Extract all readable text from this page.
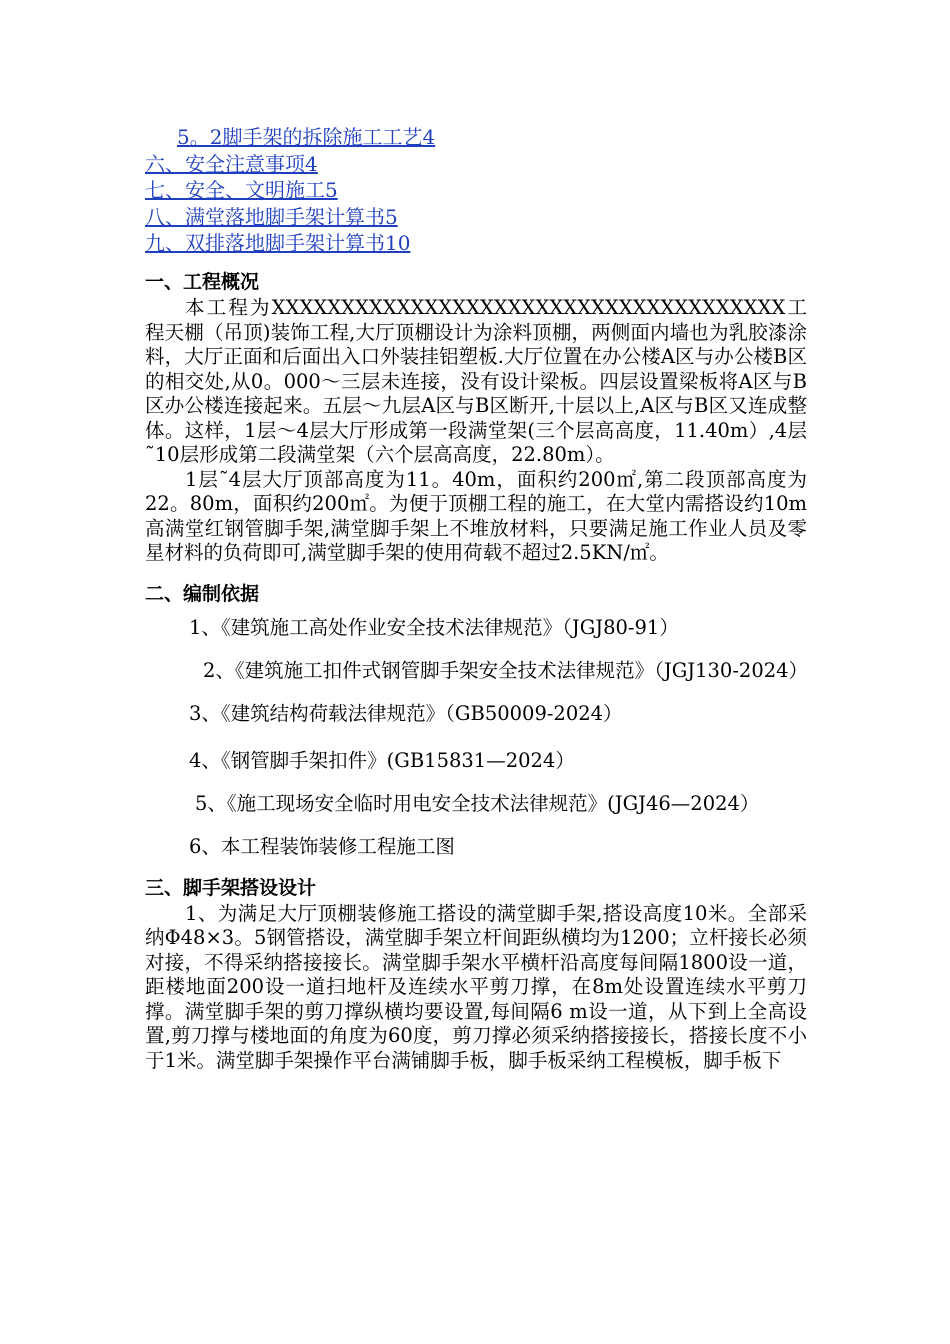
5。2脚手架的拆除施工工艺4
六、安全注意事项4
七、安全、文明施工5
八、满堂落地脚手架计算书5
九、双排落地脚手架计算书10
一、工程概况

本工程为XXXXXXXXXXXXXXXXXXXXXXXXXXXXXXXXXXXXX工程天棚（吊顶)装饰工程,大厅顶棚设计为涂料顶棚，两侧面内墙也为乳胶漆涂料，大厅正面和后面出入口外装挂铝塑板.大厅位置在办公楼A区与办公楼B区的相交处,从0。000～三层未连接，没有设计梁板。四层设置梁板将A区与B区办公楼连接起来。五层～九层A区与B区断开,十层以上,A区与B区又连成整体。这样，1层～4层大厅形成第一段满堂架(三个层高高度，11.40m）,4层˜10层形成第二段满堂架（六个层高高度，22.80m）。

1层˜4层大厅顶部高度为11。40m，面积约200㎡,第二段顶部高度为22。80m，面积约200㎡。为便于顶棚工程的施工，在大堂内需搭设约10m高满堂红钢管脚手架,满堂脚手架上不堆放材料，只要满足施工作业人员及零星材料的负荷即可,满堂脚手架的使用荷载不超过2.5KN/㎡。

二、编制依据

1、《建筑施工高处作业安全技术法律规范》（JGJ80-91）

2、《建筑施工扣件式钢管脚手架安全技术法律规范》（JGJ130-2024）

3、《建筑结构荷载法律规范》（GB50009-2024）

4、《钢管脚手架扣件》(GB15831—2024）

5、《施工现场安全临时用电安全技术法律规范》(JGJ46—2024）

6、本工程装饰装修工程施工图

三、脚手架搭设设计

1、为满足大厅顶棚装修施工搭设的满堂脚手架,搭设高度10米。全部采纳Φ48×3。5钢管搭设，满堂脚手架立杆间距纵横均为1200；立杆接长必须对接，不得采纳搭接接长。满堂脚手架水平横杆沿高度每间隔1800设一道，距楼地面200设一道扫地杆及连续水平剪刀撑，在8m处设置连续水平剪刀撑。满堂脚手架的剪刀撑纵横均要设置,每间隔6 m设一道，从下到上全高设置,剪刀撑与楼地面的角度为60度，剪刀撑必须采纳搭接接长，搭接长度不小于1米。满堂脚手架操作平台满铺脚手板，脚手板采纳工程模板，脚手板下
